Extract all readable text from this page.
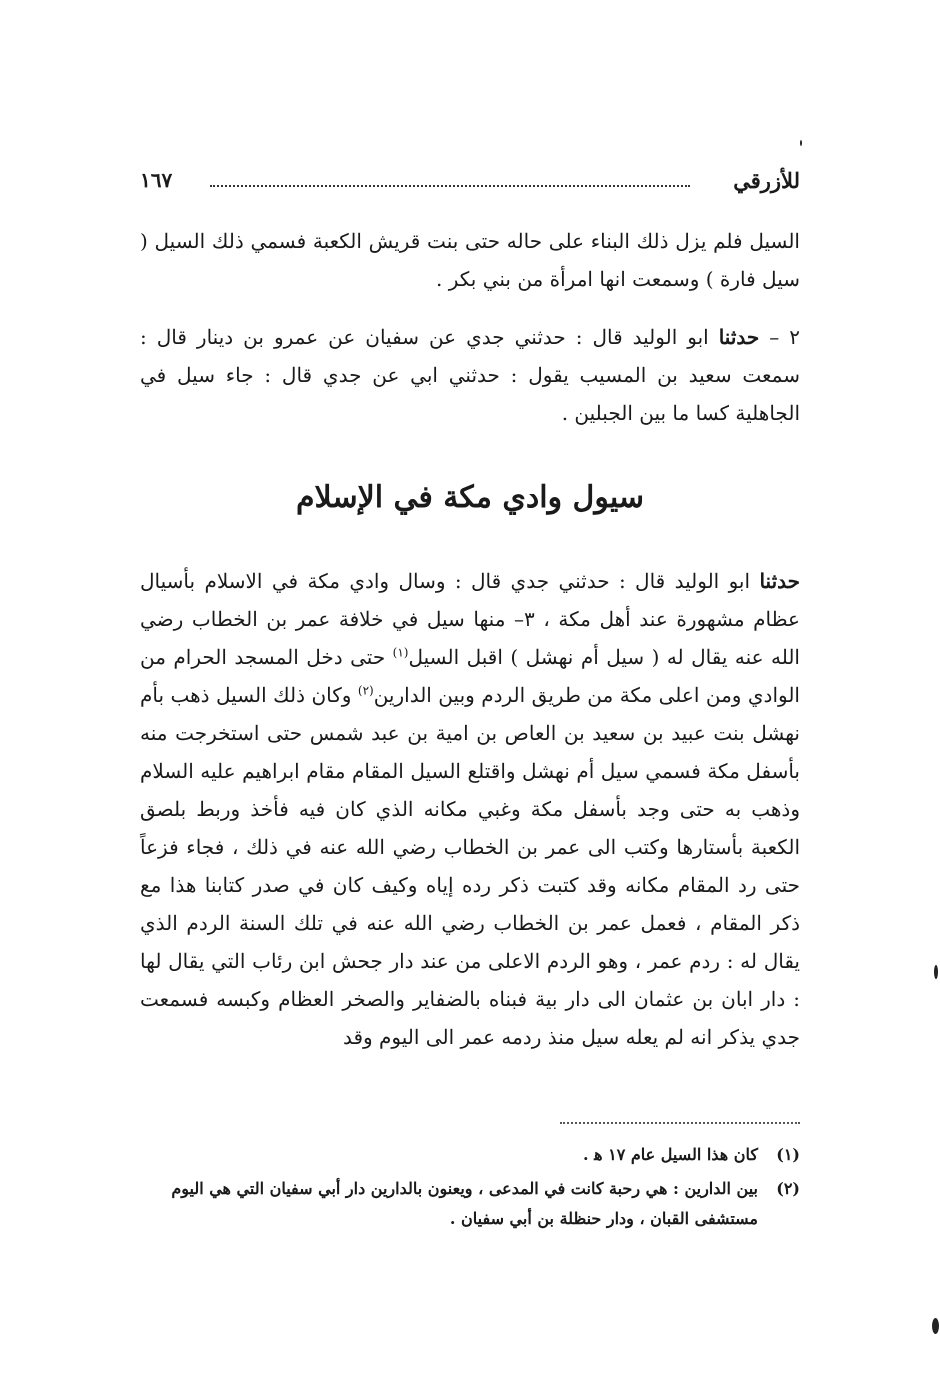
للأزرقي
١٦٧

السيل فلم يزل ذلك البناء على حاله حتى بنت قريش الكعبة فسمي ذلك السيل ( سيل فارة ) وسمعت انها امرأة من بني بكر .

٢ – حدثنا ابو الوليد قال : حدثني جدي عن سفيان عن عمرو بن دينار قال : سمعت سعيد بن المسيب يقول : حدثني ابي عن جدي قال : جاء سيل في الجاهلية كسا ما بين الجبلين .

سيول وادي مكة في الإسلام

حدثنا ابو الوليد قال : حدثني جدي قال : وسال وادي مكة في الاسلام بأسيال عظام مشهورة عند أهل مكة ، ٣– منها سيل في خلافة عمر بن الخطاب رضي الله عنه يقال له ( سيل أم نهشل ) اقبل السيل$^{(١)}$ حتى دخل المسجد الحرام من الوادي ومن اعلى مكة من طريق الردم وبين الدارين$^{(٢)}$ وكان ذلك السيل ذهب بأم نهشل بنت عبيد بن سعيد بن العاص بن امية بن عبد شمس حتى استخرجت منه بأسفل مكة فسمي سيل أم نهشل واقتلع السيل المقام مقام ابراهيم عليه السلام وذهب به حتى وجد بأسفل مكة وغبي مكانه الذي كان فيه فأخذ وربط بلصق الكعبة بأستارها وكتب الى عمر بن الخطاب رضي الله عنه في ذلك ، فجاء فزعاً حتى رد المقام مكانه وقد كتبت ذكر رده إياه وكيف كان في صدر كتابنا هذا مع ذكر المقام ، فعمل عمر بن الخطاب رضي الله عنه في تلك السنة الردم الذي يقال له : ردم عمر ، وهو الردم الاعلى من عند دار جحش ابن رئاب التي يقال لها : دار ابان بن عثمان الى دار بية فبناه بالضفاير والصخر العظام وكبسه فسمعت جدي يذكر انه لم يعله سيل منذ ردمه عمر الى اليوم وقد

(١)
كان هذا السيل عام ١٧ ﻫ .

(٢)
بين الدارين : هي رحبة كانت في المدعى ، ويعنون بالدارين دار أبي سفيان التي هي اليوم مستشفى القبان ، ودار حنظلة بن أبي سفيان .
